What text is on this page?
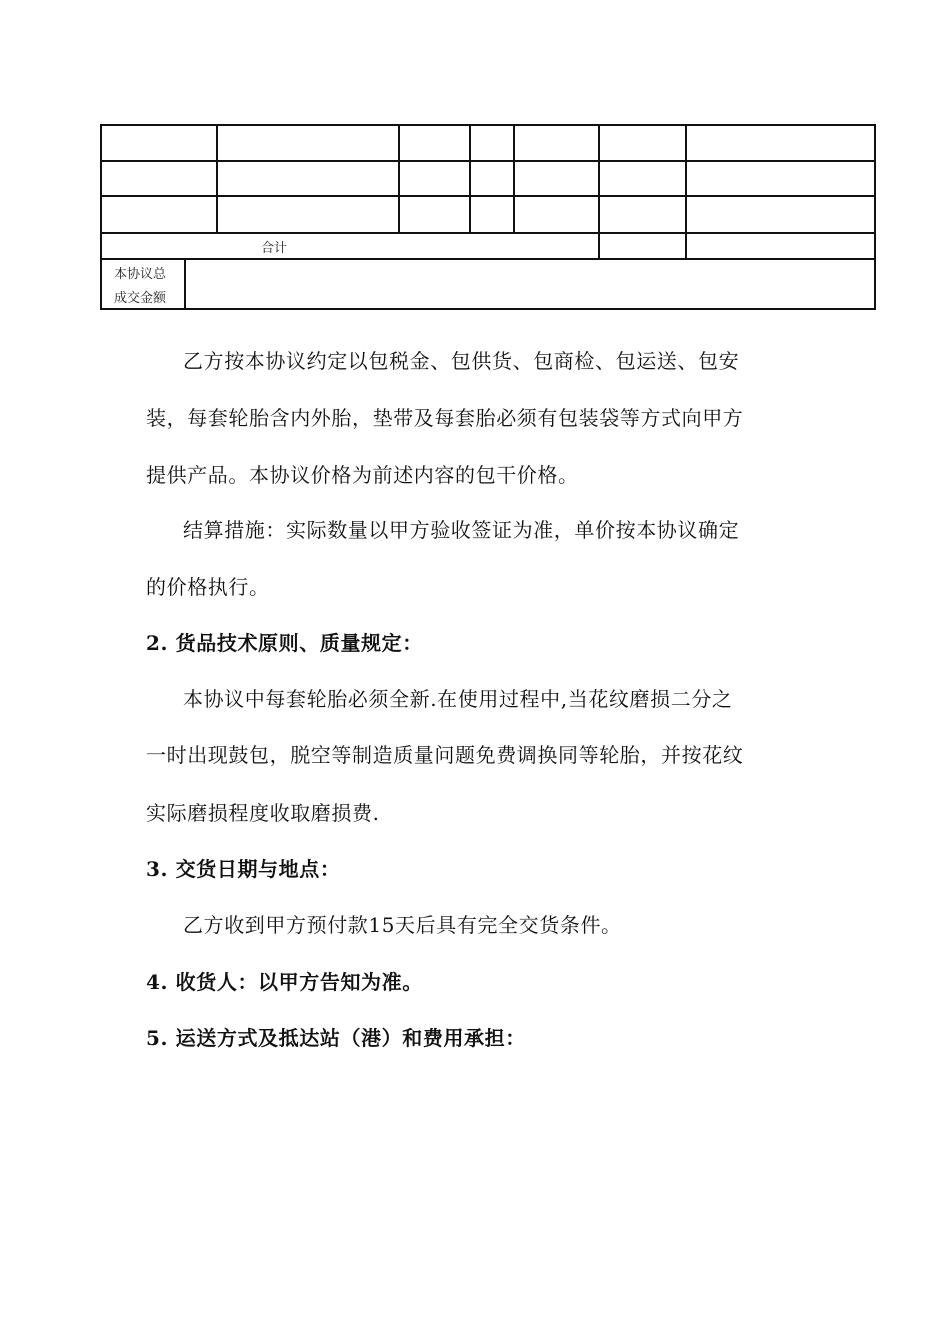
合计
本协议总
成交金额
乙方按本协议约定以包税金、包供货、包商检、包运送、包安
装，每套轮胎含内外胎，垫带及每套胎必须有包装袋等方式向甲方
提供产品。本协议价格为前述内容的包干价格。
结算措施：实际数量以甲方验收签证为准，单价按本协议确定
的价格执行。
2. 货品技术原则、质量规定：
本协议中每套轮胎必须全新.在使用过程中,当花纹磨损二分之
一时出现鼓包，脱空等制造质量问题免费调换同等轮胎，并按花纹
实际磨损程度收取磨损费.
3. 交货日期与地点：
乙方收到甲方预付款15天后具有完全交货条件。
4. 收货人：以甲方告知为准。
5. 运送方式及抵达站（港）和费用承担：
